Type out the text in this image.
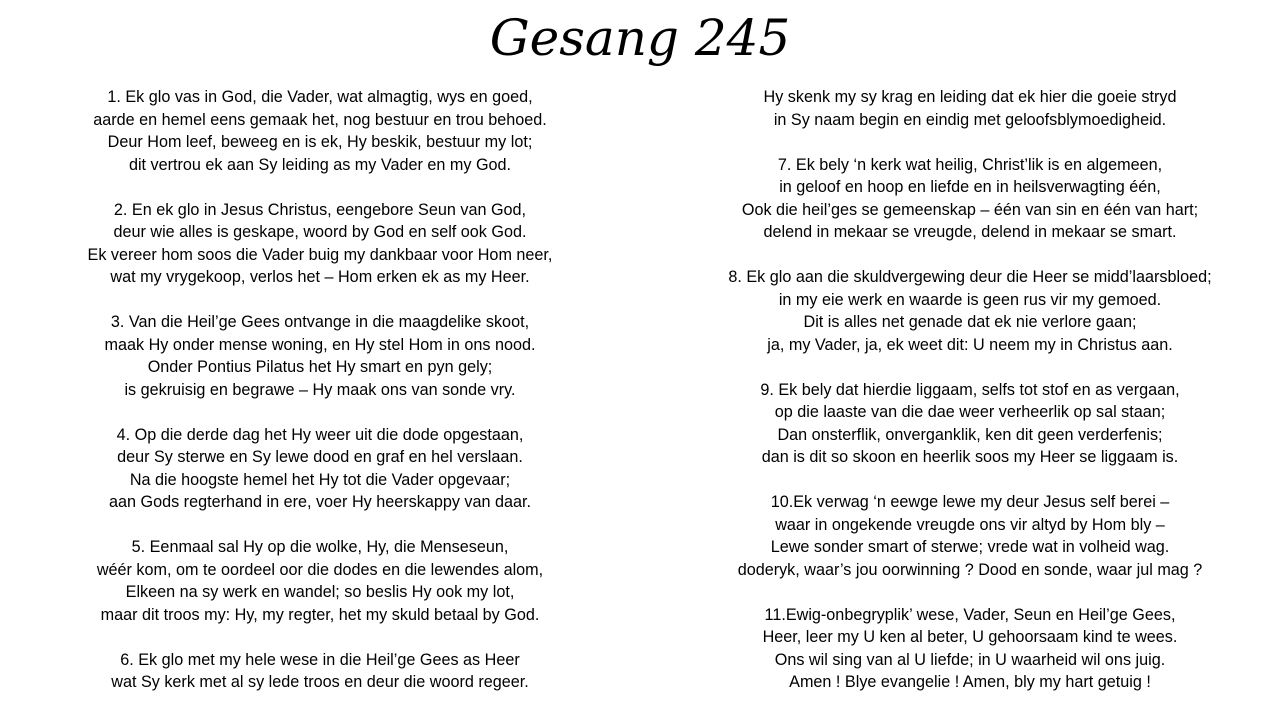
Gesang 245
1. Ek glo vas in God, die Vader, wat almagtig, wys en goed,
aarde en hemel eens gemaak het, nog bestuur en trou behoed.
Deur Hom leef, beweeg en is ek, Hy beskik, bestuur my lot;
dit vertrou ek aan Sy leiding as my Vader en my God.
2. En ek glo in Jesus Christus, eengebore Seun van God,
deur wie alles is geskape, woord by God en self ook God.
Ek vereer hom soos die Vader buig my dankbaar voor Hom neer,
wat my vrygekoop, verlos het – Hom erken ek as my Heer.
3. Van die Heil’ge Gees ontvange in die maagdelike skoot,
maak Hy onder mense woning, en Hy stel Hom in ons nood.
Onder Pontius Pilatus het Hy smart en pyn gely;
is gekruisig en begrawe – Hy maak ons van sonde vry.
4. Op die derde dag het Hy weer uit die dode opgestaan,
deur Sy sterwe en Sy lewe dood en graf en hel verslaan.
Na die hoogste hemel het Hy tot die Vader opgevaar;
aan Gods regterhand in ere, voer Hy heerskappy van daar.
5. Eenmaal sal Hy op die wolke, Hy, die Menseseun,
wéér kom, om te oordeel oor die dodes en die lewendes alom,
Elkeen na sy werk en wandel; so beslis Hy ook my lot,
maar dit troos my: Hy, my regter, het my skuld betaal by God.
6. Ek glo met my hele wese in die Heil’ge Gees as Heer
wat Sy kerk met al sy lede troos en deur die woord regeer.
Hy skenk my sy krag en leiding dat ek hier die goeie stryd
in Sy naam begin en eindig met geloofsblymoedigheid.
7. Ek bely ‘n kerk wat heilig, Christ’lik is en algemeen,
in geloof en hoop en liefde en in heilsverwagting één,
Ook die heil’ges se gemeenskap – één van sin en één van hart;
delend in mekaar se vreugde, delend in mekaar se smart.
8. Ek glo aan die skuldvergewing deur die Heer se midd’laarsbloed;
in my eie werk en waarde is geen rus vir my gemoed.
Dit is alles net genade dat ek nie verlore gaan;
ja, my Vader, ja, ek weet dit: U neem my in Christus aan.
9. Ek bely dat hierdie liggaam, selfs tot stof en as vergaan,
op die laaste van die dae weer verheerlik op sal staan;
Dan onsterflik, onverganklik, ken dit geen verderfenis;
dan is dit so skoon en heerlik soos my Heer se liggaam is.
10.Ek verwag ‘n eewge lewe my deur Jesus self berei –
waar in ongekende vreugde ons vir altyd by Hom bly –
Lewe sonder smart of sterwe; vrede wat in volheid wag.
doderyk, waar’s jou oorwinning ? Dood en sonde, waar jul mag ?
11.Ewig-onbegryplik’ wese, Vader, Seun en Heil’ge Gees,
Heer, leer my U ken al beter, U gehoorsaam kind te wees.
Ons wil sing van al U liefde; in U waarheid wil ons juig.
Amen ! Blye evangelie ! Amen, bly my hart getuig !
